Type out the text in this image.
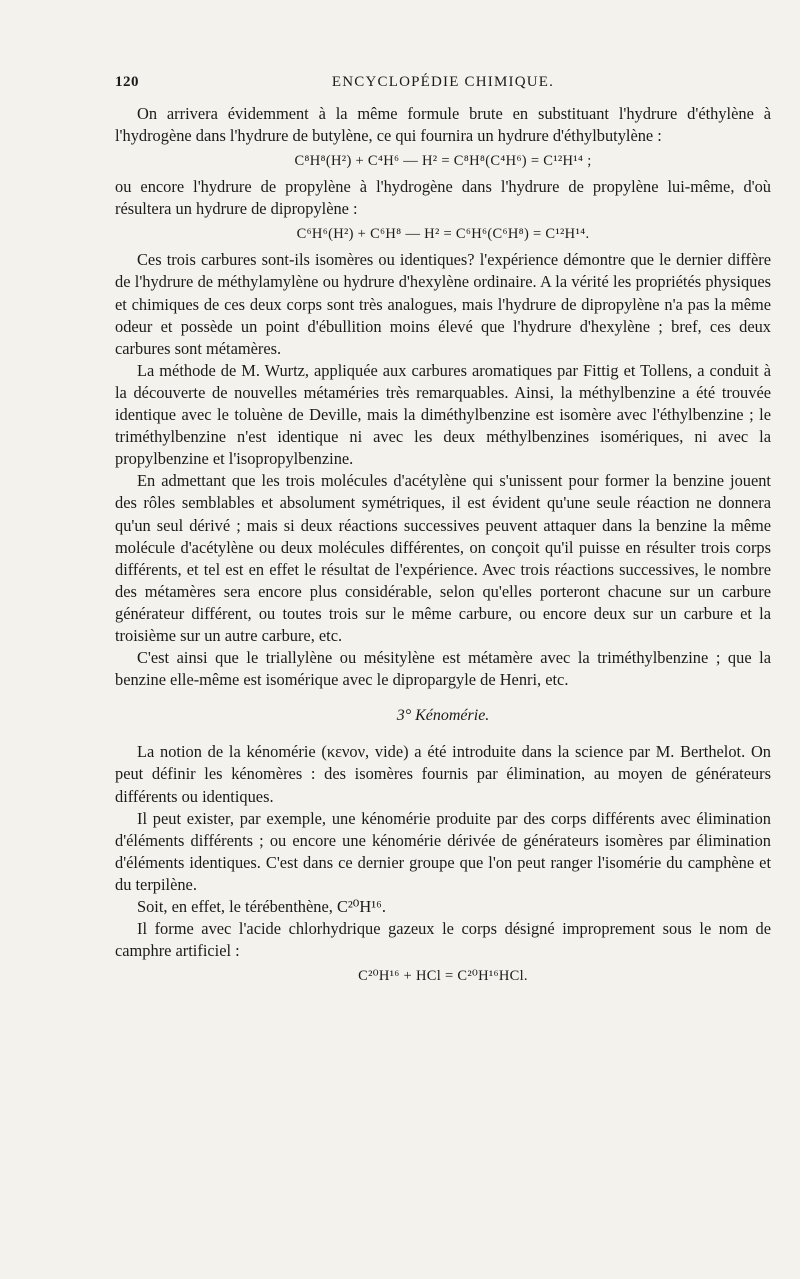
120	ENCYCLOPÉDIE CHIMIQUE.

On arrivera évidemment à la même formule brute en substituant l'hydrure d'éthylène à l'hydrogène dans l'hydrure de butylène, ce qui fournira un hydrure d'éthylbutylène :

C⁸H⁸(H²) + C⁴H⁶ — H² = C⁸H⁸(C⁴H⁶) = C¹²H¹⁴ ;

ou encore l'hydrure de propylène à l'hydrogène dans l'hydrure de propylène lui-même, d'où résultera un hydrure de dipropylène :

C⁶H⁶(H²) + C⁶H⁸ — H² = C⁶H⁶(C⁶H⁸) = C¹²H¹⁴.

Ces trois carbures sont-ils isomères ou identiques? l'expérience démontre que le dernier diffère de l'hydrure de méthylamylène ou hydrure d'hexylène ordinaire. A la vérité les propriétés physiques et chimiques de ces deux corps sont très analogues, mais l'hydrure de dipropylène n'a pas la même odeur et possède un point d'ébullition moins élevé que l'hydrure d'hexylène ; bref, ces deux carbures sont métamères.

La méthode de M. Wurtz, appliquée aux carbures aromatiques par Fittig et Tollens, a conduit à la découverte de nouvelles métaméries très remarquables. Ainsi, la méthylbenzine a été trouvée identique avec le toluène de Deville, mais la diméthylbenzine est isomère avec l'éthylbenzine ; le triméthylbenzine n'est identique ni avec les deux méthylbenzines isomériques, ni avec la propylbenzine et l'isopropylbenzine.

En admettant que les trois molécules d'acétylène qui s'unissent pour former la benzine jouent des rôles semblables et absolument symétriques, il est évident qu'une seule réaction ne donnera qu'un seul dérivé ; mais si deux réactions successives peuvent attaquer dans la benzine la même molécule d'acétylène ou deux molécules différentes, on conçoit qu'il puisse en résulter trois corps différents, et tel est en effet le résultat de l'expérience. Avec trois réactions successives, le nombre des métamères sera encore plus considérable, selon qu'elles porteront chacune sur un carbure générateur différent, ou toutes trois sur le même carbure, ou encore deux sur un carbure et la troisième sur un autre carbure, etc.

C'est ainsi que le triallylène ou mésitylène est métamère avec la triméthylbenzine ; que la benzine elle-même est isomérique avec le dipropargyle de Henri, etc.

3° Kénomérie.

La notion de la kénomérie (κενον, vide) a été introduite dans la science par M. Berthelot. On peut définir les kénomères : des isomères fournis par élimination, au moyen de générateurs différents ou identiques.

Il peut exister, par exemple, une kénomérie produite par des corps différents avec élimination d'éléments différents ; ou encore une kénomérie dérivée de générateurs isomères par élimination d'éléments identiques. C'est dans ce dernier groupe que l'on peut ranger l'isomérie du camphène et du terpilène.

Soit, en effet, le térébenthène, C²⁰H¹⁶.

Il forme avec l'acide chlorhydrique gazeux le corps désigné improprement sous le nom de camphre artificiel :

C²⁰H¹⁶ + HCl = C²⁰H¹⁶HCl.
